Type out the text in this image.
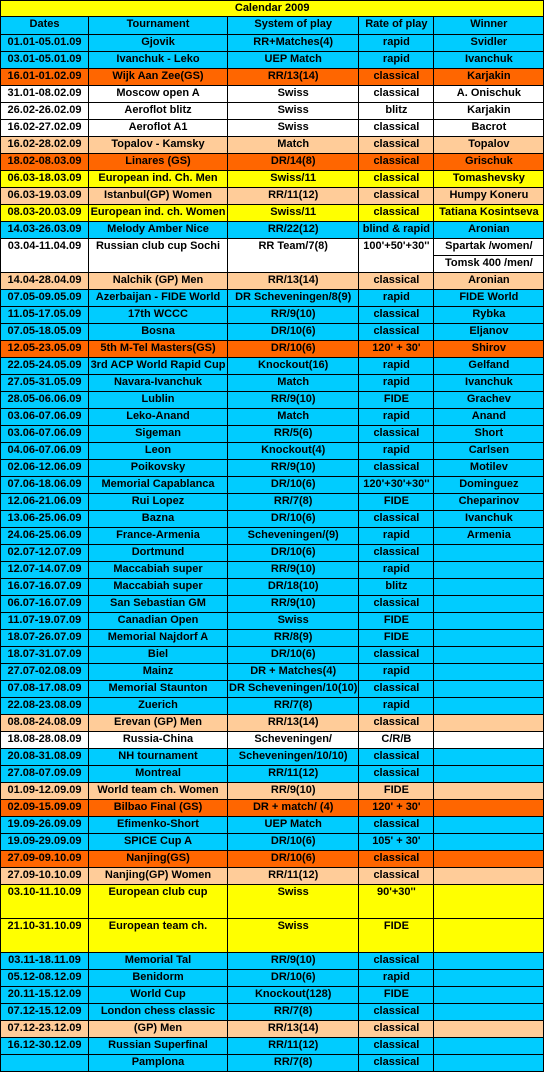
Calendar 2009				
Dates	Tournament	System of play	Rate of play	Winner
01.01-05.01.09	Gjovik	RR+Matches(4)	rapid	Svidler
03.01-05.01.09	Ivanchuk - Leko	UEP Match	rapid	Ivanchuk
16.01-01.02.09	Wijk Aan Zee(GS)	RR/13(14)	classical	Karjakin
31.01-08.02.09	Moscow open A	Swiss	classical	A. Onischuk
26.02-26.02.09	Aeroflot blitz	Swiss	blitz	Karjakin
16.02-27.02.09	Aeroflot A1	Swiss	classical	Bacrot
16.02-28.02.09	Topalov - Kamsky	Match	classical	Topalov
18.02-08.03.09	Linares (GS)	DR/14(8)	classical	Grischuk
06.03-18.03.09	European ind. Ch. Men	Swiss/11	classical	Tomashevsky
06.03-19.03.09	Istanbul(GP) Women	RR/11(12)	classical	Humpy Koneru
08.03-20.03.09	European ind. ch. Women	Swiss/11	classical	Tatiana Kosintseva
14.03-26.03.09	Melody Amber Nice	RR/22(12)	blind & rapid	Aronian
03.04-11.04.09	Russian club cup Sochi	RR Team/7(8)	100'+50'+30''	Spartak /women/
Tomsk 400 /men/

14.04-28.04.09	Nalchik (GP) Men	RR/13(14)	classical	Aronian
07.05-09.05.09	Azerbaijan - FIDE World	DR Scheveningen/8(9)	rapid	FIDE World
11.05-17.05.09	17th WCCC	RR/9(10)	classical	Rybka
07.05-18.05.09	Bosna	DR/10(6)	classical	Eljanov
12.05-23.05.09	5th M-Tel Masters(GS)	DR/10(6)	120' + 30'	Shirov
22.05-24.05.09	3rd ACP World Rapid Cup	Knockout(16)	rapid	Gelfand
27.05-31.05.09	Navara-Ivanchuk	Match	rapid	Ivanchuk
28.05-06.06.09	Lublin	RR/9(10)	FIDE	Grachev
03.06-07.06.09	Leko-Anand	Match	rapid	Anand
03.06-07.06.09	Sigeman	RR/5(6)	classical	Short
04.06-07.06.09	Leon	Knockout(4)	rapid	Carlsen
02.06-12.06.09	Poikovsky	RR/9(10)	classical	Motilev
07.06-18.06.09	Memorial Capablanca	DR/10(6)	120'+30'+30''	Dominguez
12.06-21.06.09	Rui Lopez	RR/7(8)	FIDE	Cheparinov
13.06-25.06.09	Bazna	DR/10(6)	classical	Ivanchuk
24.06-25.06.09	France-Armenia	Scheveningen/(9)	rapid	Armenia
02.07-12.07.09	Dortmund	DR/10(6)	classical	
12.07-14.07.09	Maccabiah super	RR/9(10)	rapid	
16.07-16.07.09	Maccabiah super	DR/18(10)	blitz	
06.07-16.07.09	San Sebastian GM	RR/9(10)	classical	
11.07-19.07.09	Canadian Open	Swiss	FIDE	
18.07-26.07.09	Memorial Najdorf A	RR/8(9)	FIDE	
18.07-31.07.09	Biel	DR/10(6)	classical	
27.07-02.08.09	Mainz	DR + Matches(4)	rapid	
07.08-17.08.09	Memorial Staunton	DR Scheveningen/10(10)	classical	
22.08-23.08.09	Zuerich	RR/7(8)	rapid	
08.08-24.08.09	Erevan (GP) Men	RR/13(14)	classical	
18.08-28.08.09	Russia-China	Scheveningen/	C/R/B	
20.08-31.08.09	NH tournament	Scheveningen/10/10)	classical	
27.08-07.09.09	Montreal	RR/11(12)	classical	
01.09-12.09.09	World team ch. Women	RR/9(10)	FIDE	
02.09-15.09.09	Bilbao Final (GS)	DR + match/ (4)	120' + 30'	
19.09-26.09.09	Efimenko-Short	UEP Match	classical	
19.09-29.09.09	SPICE Cup A	DR/10(6)	105' + 30'	
27.09-09.10.09	Nanjing(GS)	DR/10(6)	classical	
27.09-10.10.09	Nanjing(GP) Women	RR/11(12)	classical	
03.10-11.10.09	European club cup	Swiss	90'+30''	
21.10-31.10.09	European team ch.	Swiss	FIDE	
03.11-18.11.09	Memorial Tal	RR/9(10)	classical	
05.12-08.12.09	Benidorm	DR/10(6)	rapid	
20.11-15.12.09	World Cup	Knockout(128)	FIDE	
07.12-15.12.09	London chess classic	RR/7(8)	classical	
07.12-23.12.09	(GP) Men	RR/13(14)	classical	
16.12-30.12.09	Russian Superfinal	RR/11(12)	classical	
	Pamplona	RR/7(8)	classical	
